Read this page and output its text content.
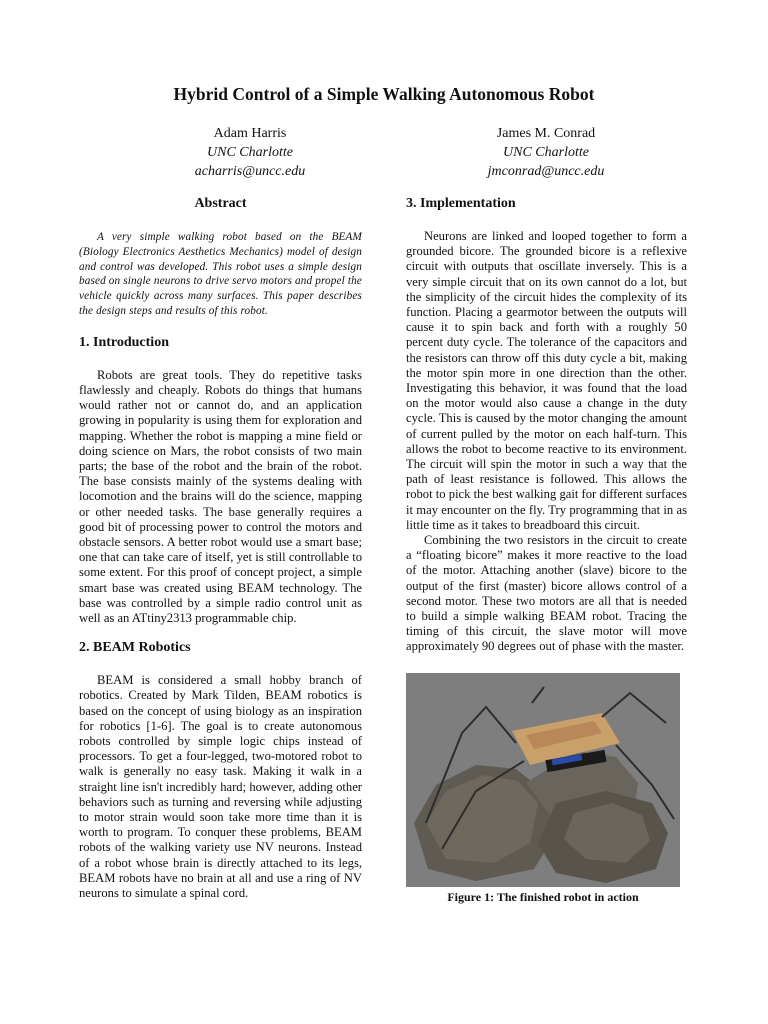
Hybrid Control of a Simple Walking Autonomous Robot
Adam Harris
UNC Charlotte
acharris@uncc.edu
James M. Conrad
UNC Charlotte
jmconrad@uncc.edu
Abstract

A very simple walking robot based on the BEAM (Biology Electronics Aesthetics Mechanics) model of design and control was developed. This robot uses a simple design based on single neurons to drive servo motors and propel the vehicle quickly across many surfaces. This paper describes the design steps and results of this robot.

1. Introduction

Robots are great tools. They do repetitive tasks flawlessly and cheaply. Robots do things that humans would rather not or cannot do, and an application growing in popularity is using them for exploration and mapping. Whether the robot is mapping a mine field or doing science on Mars, the robot consists of two main parts; the base of the robot and the brain of the robot. The base consists mainly of the systems dealing with locomotion and the brains will do the science, mapping or other needed tasks. The base generally requires a good bit of processing power to control the motors and obstacle sensors. A better robot would use a smart base; one that can take care of itself, yet is still controllable to some extent. For this proof of concept project, a simple smart base was created using BEAM technology. The base was controlled by a simple radio control unit as well as an ATtiny2313 programmable chip.

2. BEAM Robotics

BEAM is considered a small hobby branch of robotics. Created by Mark Tilden, BEAM robotics is based on the concept of using biology as an inspiration for robotics [1-6]. The goal is to create autonomous robots controlled by simple logic chips instead of processors. To get a four-legged, two-motored robot to walk is generally no easy task. Making it walk in a straight line isn't incredibly hard; however, adding other behaviors such as turning and reversing while adjusting to motor strain would soon take more time than it is worth to program. To conquer these problems, BEAM robots of the walking variety use NV neurons. Instead of a robot whose brain is directly attached to its legs, BEAM robots have no brain at all and use a ring of NV neurons to simulate a spinal cord.

3. Implementation

Neurons are linked and looped together to form a grounded bicore. The grounded bicore is a reflexive circuit with outputs that oscillate inversely. This is a very simple circuit that on its own cannot do a lot, but the simplicity of the circuit hides the complexity of its function. Placing a gearmotor between the outputs will cause it to spin back and forth with a roughly 50 percent duty cycle. The tolerance of the capacitors and the resistors can throw off this duty cycle a bit, making the motor spin more in one direction than the other. Investigating this behavior, it was found that the load on the motor would also cause a change in the duty cycle. This is caused by the motor changing the amount of current pulled by the motor on each half-turn. This allows the robot to become reactive to its environment. The circuit will spin the motor in such a way that the path of least resistance is followed. This allows the robot to pick the best walking gait for different surfaces it may encounter on the fly. Try programming that in as little time as it takes to breadboard this circuit.

Combining the two resistors in the circuit to create a “floating bicore” makes it more reactive to the load of the motor. Attaching another (slave) bicore to the output of the first (master) bicore allows control of a second motor. These two motors are all that is needed to build a simple walking BEAM robot. Tracing the timing of this circuit, the slave motor will move approximately 90 degrees out of phase with the master.

Figure 1: The finished robot in action
